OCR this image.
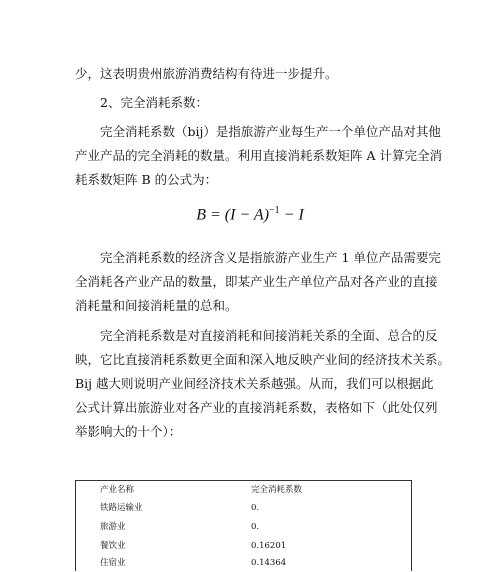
少，这表明贵州旅游消费结构有待进一步提升。
2、完全消耗系数：
完全消耗系数（bij）是指旅游产业每生产一个单位产品对其他
产业产品的完全消耗的数量。利用直接消耗系数矩阵 A 计算完全消
耗系数矩阵 B 的公式为：
$B = (I - A)^{-1} - I$
完全消耗系数的经济含义是指旅游产业生产 1 单位产品需要完
全消耗各产业产品的数量，即某产业生产单位产品对各产业的直接
消耗量和间接消耗量的总和。
完全消耗系数是对直接消耗和间接消耗关系的全面、总合的反
映，它比直接消耗系数更全面和深入地反映产业间的经济技术关系。
Bij 越大则说明产业间经济技术关系越强。从而，我们可以根据此
公式计算出旅游业对各产业的直接消耗系数，表格如下（此处仅列
举影响大的十个）：
产业名称	完全消耗系数
铁路运输业	0.
旅游业	0.
餐饮业	0.16201
住宿业	0.14364
